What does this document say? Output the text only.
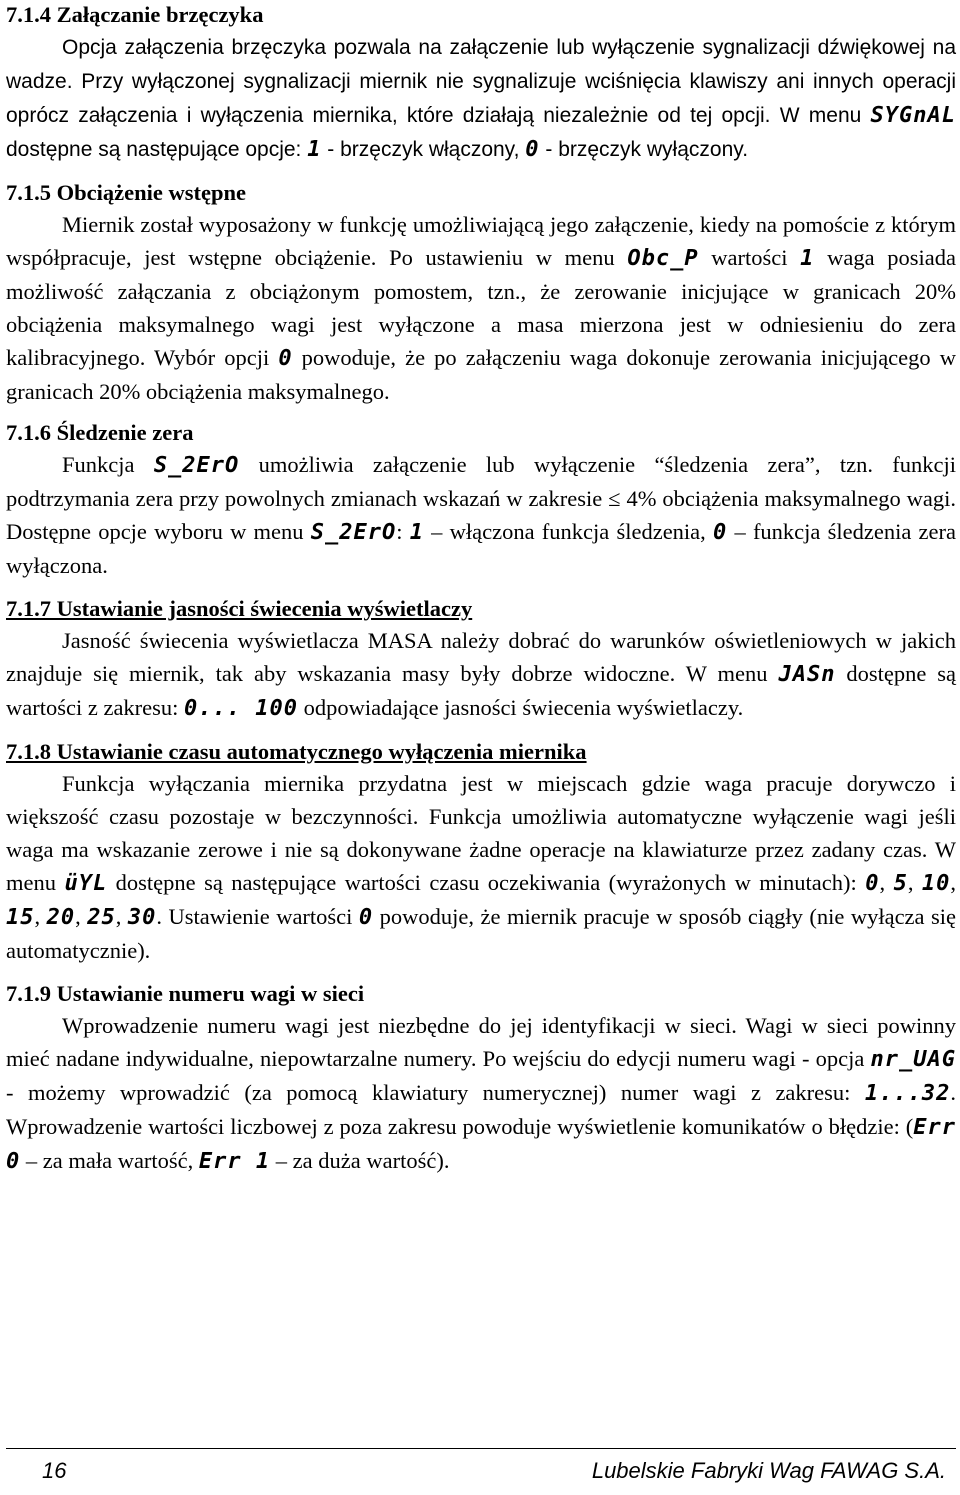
7.1.4 Załączanie brzęczyka

Opcja załączenia brzęczyka pozwala na załączenie lub wyłączenie sygnalizacji dźwiękowej na wadze. Przy wyłączonej sygnalizacji miernik nie sygnalizuje wciśnięcia klawiszy ani innych operacji oprócz załączenia i wyłączenia miernika, które działają niezależnie od tej opcji. W menu SYGnAL dostępne są następujące opcje: 1 - brzęczyk włączony, 0 - brzęczyk wyłączony.

7.1.5 Obciążenie wstępne

Miernik został wyposażony w funkcję umożliwiającą jego załączenie, kiedy na pomoście z którym współpracuje, jest wstępne obciążenie. Po ustawieniu w menu Obc_P wartości 1 waga posiada możliwość załączania z obciążonym pomostem, tzn., że zerowanie inicjujące w granicach 20% obciążenia maksymalnego wagi jest wyłączone a masa mierzona jest w odniesieniu do zera kalibracyjnego. Wybór opcji 0 powoduje, że po załączeniu waga dokonuje zerowania inicjującego w granicach 20% obciążenia maksymalnego.

7.1.6 Śledzenie zera

Funkcja S_2ErO umożliwia załączenie lub wyłączenie “śledzenia zera”, tzn. funkcji podtrzymania zera przy powolnych zmianach wskazań w zakresie ≤ 4% obciążenia maksymalnego wagi. Dostępne opcje wyboru w menu S_2ErO: 1 – włączona funkcja śledzenia, 0 – funkcja śledzenia zera wyłączona.

7.1.7 Ustawianie jasności świecenia wyświetlaczy

Jasność świecenia wyświetlacza MASA należy dobrać do warunków oświetleniowych w jakich znajduje się miernik, tak aby wskazania masy były dobrze widoczne. W menu JASn dostępne są wartości z zakresu: 0... 100 odpowiadające jasności świecenia wyświetlaczy.

7.1.8 Ustawianie czasu automatycznego wyłączenia miernika

Funkcja wyłączania miernika przydatna jest w miejscach gdzie waga pracuje dorywczo i większość czasu pozostaje w bezczynności. Funkcja umożliwia automatyczne wyłączenie wagi jeśli waga ma wskazanie zerowe i nie są dokonywane żadne operacje na klawiaturze przez zadany czas. W menu üYL dostępne są następujące wartości czasu oczekiwania (wyrażonych w minutach): 0, 5, 10, 15, 20, 25, 30. Ustawienie wartości 0 powoduje, że miernik pracuje w sposób ciągły (nie wyłącza się automatycznie).

7.1.9 Ustawianie numeru wagi w sieci

Wprowadzenie numeru wagi jest niezbędne do jej identyfikacji w sieci. Wagi w sieci powinny mieć nadane indywidualne, niepowtarzalne numery. Po wejściu do edycji numeru wagi - opcja nr_UAG - możemy wprowadzić (za pomocą klawiatury numerycznej) numer wagi z zakresu: 1...32. Wprowadzenie wartości liczbowej z poza zakresu powoduje wyświetlenie komunikatów o błędzie: (Err 0 – za mała wartość, Err 1 – za duża wartość).

16	Lubelskie Fabryki Wag FAWAG S.A.
